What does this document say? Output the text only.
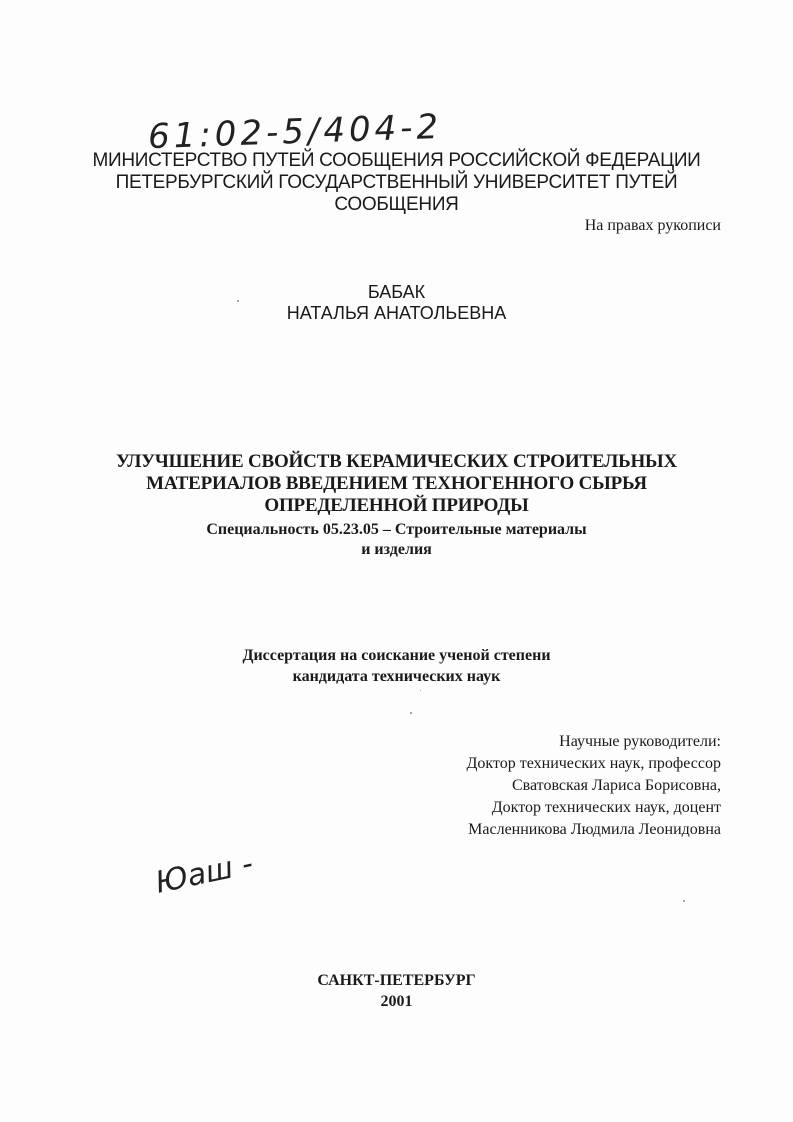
61:02-5/404-2
МИНИСТЕРСТВО ПУТЕЙ СООБЩЕНИЯ РОССИЙСКОЙ ФЕДЕРАЦИИ
ПЕТЕРБУРГСКИЙ ГОСУДАРСТВЕННЫЙ УНИВЕРСИТЕТ ПУТЕЙ
СООБЩЕНИЯ
На правах рукописи
БАБАК
НАТАЛЬЯ АНАТОЛЬЕВНА
УЛУЧШЕНИЕ СВОЙСТВ КЕРАМИЧЕСКИХ СТРОИТЕЛЬНЫХ
МАТЕРИАЛОВ ВВЕДЕНИЕМ ТЕХНОГЕННОГО СЫРЬЯ
ОПРЕДЕЛЕННОЙ ПРИРОДЫ
Специальность 05.23.05 – Строительные материалы
и изделия
Диссертация на соискание ученой степени
кандидата технических наук
Научные руководители:
Доктор технических наук, профессор
Сватовская Лариса Борисовна,
Доктор технических наук, доцент
Масленникова Людмила Леонидовна
Юаш -
САНКТ-ПЕТЕРБУРГ
2001
